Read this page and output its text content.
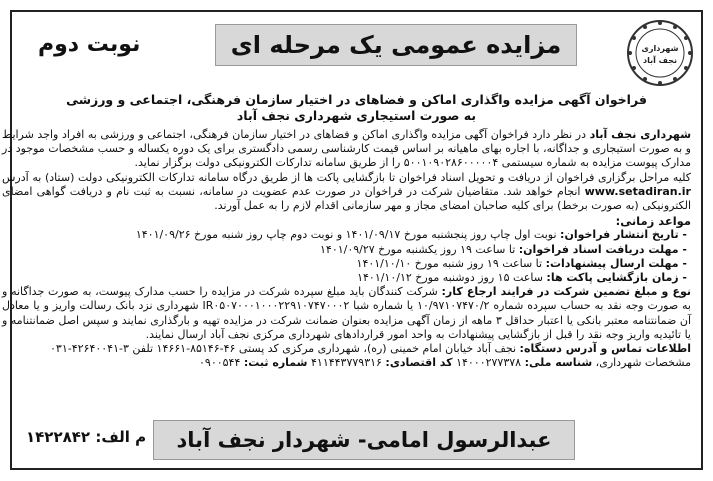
شهرداری
نجف آباد
مزایده عمومی یک مرحله ای
نوبت دوم
فراخوان آگهی مزایده واگذاری اماکن و فضاهای در اختیار سازمان فرهنگی، اجتماعی و ورزشی
به صورت استیجاری شهرداری نجف آباد

شهرداری نجف آباد در نظر دارد فراخوان آگهی مزایده واگذاری اماکن و فضاهای در اختیار سازمان فرهنگی، اجتماعی و ورزشی به افراد واجد شرایط و به صورت استیجاری و جداگانه، با اجاره بهای ماهیانه بر اساس قیمت کارشناسی رسمی دادگستری برای یک دوره یکساله و حسب مشخصات موجود در مدارک پیوست مزایده به شماره سیستمی ۵۰۰۱۰۹۰۲۸۶۰۰۰۰۰۴ را از طریق سامانه تدارکات الکترونیکی دولت برگزار نماید.

کلیه مراحل برگزاری فراخوان از دریافت و تحویل اسناد فراخوان تا بازگشایی پاکت ها از طریق درگاه سامانه تدارکات الکترونیکی دولت (ستاد) به آدرس www.setadiran.ir انجام خواهد شد. متقاضیان شرکت در فراخوان در صورت عدم عضویت در سامانه، نسبت به ثبت نام و دریافت گواهی امضای الکترونیکی (به صورت برخط) برای کلیه صاحبان امضای مجاز و مهر سازمانی اقدام لازم را به عمل آورند.

مواعد زمانی:

- تاریخ انتشار فراخوان: نوبت اول چاپ روز پنجشنبه مورخ ۱۴۰۱/۰۹/۱۷ و نوبت دوم چاپ روز شنبه مورخ ۱۴۰۱/۰۹/۲۶

- مهلت دریافت اسناد فراخوان: تا ساعت ۱۹ روز یکشنبه مورخ ۱۴۰۱/۰۹/۲۷

- مهلت ارسال پیشنهادات: تا ساعت ۱۹ روز شنبه مورخ ۱۴۰۱/۱۰/۱۰

- زمان بازگشایی پاکت ها: ساعت ۱۵ روز دوشنبه مورخ ۱۴۰۱/۱۰/۱۲

نوع و مبلغ تضمین شرکت در فرایند ارجاع کار: شرکت کنندگان باید مبلغ سپرده شرکت در مزایده را حسب مدارک پیوست، به صورت جداگانه و به صورت وجه نقد به حساب سپرده شماره ۱۰/۹۷۱۰۷۴۷۰/۲ یا شماره شبا IR۰۵۰۷۰۰۰۱۰۰۰۲۲۹۱۰۷۴۷۰۰۰۲ شهرداری نزد بانک رسالت واریز و یا معادل آن ضمانتنامه معتبر بانکی یا اعتبار حداقل ۳ ماهه از زمان آگهی مزایده بعنوان ضمانت شرکت در مزایده تهیه و بارگذاری نمایند و سپس اصل ضمانتنامه و یا تائیدیه واریز وجه نقد را قبل از بازگشایی پیشنهادات به واحد امور قراردادهای شهرداری مرکزی نجف آباد ارسال نمایند.

اطلاعات تماس و آدرس دستگاه: نجف آباد خیابان امام خمینی (ره)، شهرداری مرکزی کد پستی ۴۶-۸۵۱۴۶-۱۴۶۶۱ تلفن ۳-۴۲۶۴۰۰۴۱-۰۳۱

مشخصات شهرداری، شناسه ملی: ۱۴۰۰۰۲۷۷۳۷۸ کد اقتصادی: ۴۱۱۴۴۳۷۷۹۳۱۶ شماره ثبت: ۰۹۰۰۵۴۴

عبدالرسول امامی- شهردار نجف آباد
م الف: ۱۴۲۲۸۴۲
